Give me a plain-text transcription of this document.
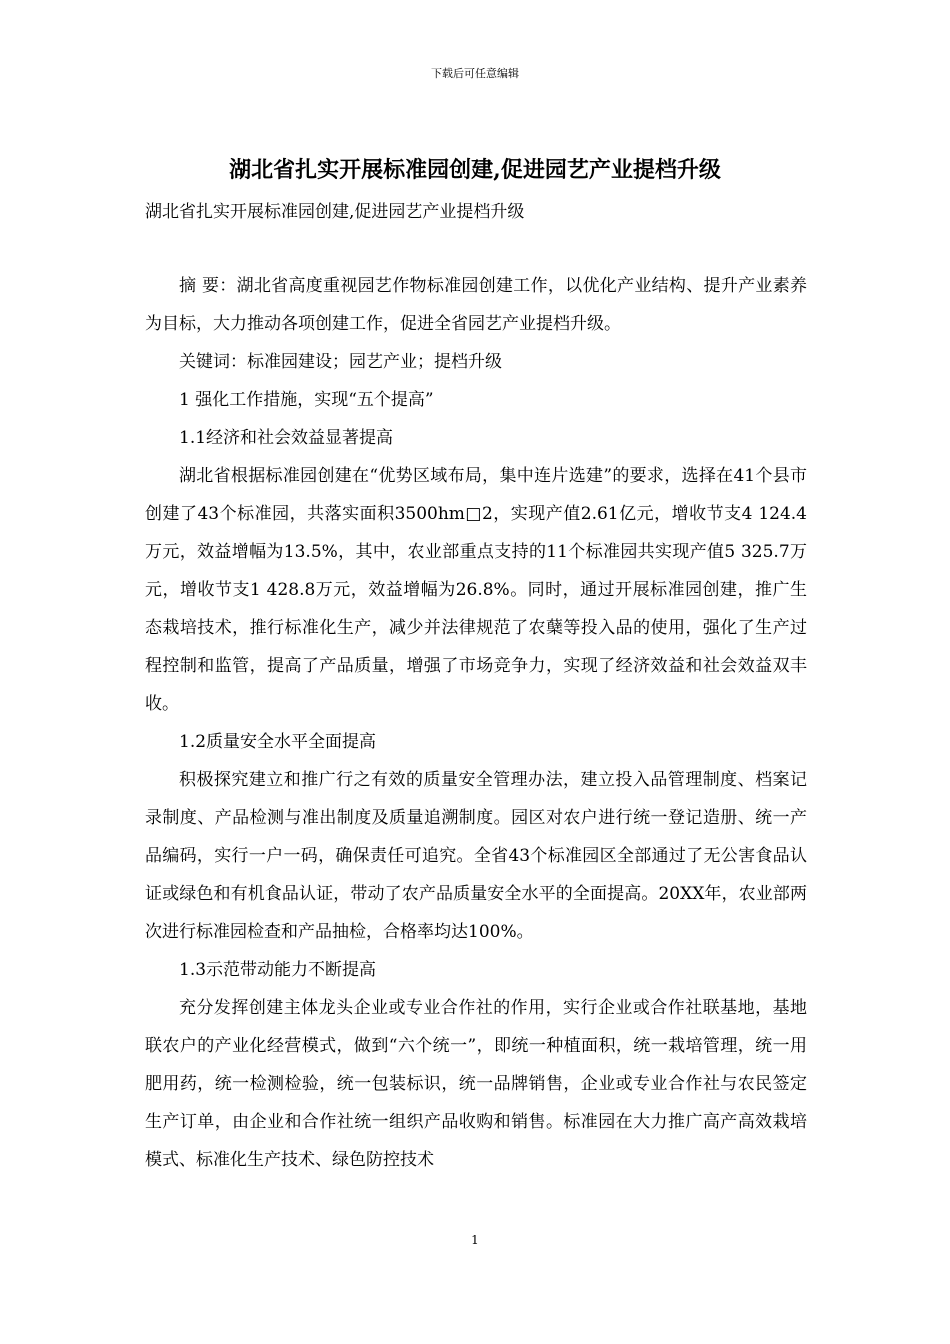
下载后可任意编辑
湖北省扎实开展标准园创建,促进园艺产业提档升级

湖北省扎实开展标准园创建,促进园艺产业提档升级

摘 要：湖北省高度重视园艺作物标准园创建工作，以优化产业结构、提升产业素养为目标，大力推动各项创建工作，促进全省园艺产业提档升级。

关键词：标准园建设；园艺产业；提档升级

1 强化工作措施，实现“五个提高”

1.1经济和社会效益显著提高

湖北省根据标准园创建在“优势区域布局，集中连片选建”的要求，选择在41个县市创建了43个标准园，共落实面积3500hm□2，实现产值2.61亿元，增收节支4 124.4万元，效益增幅为13.5%，其中，农业部重点支持的11个标准园共实现产值5 325.7万元，增收节支1 428.8万元，效益增幅为26.8%。同时，通过开展标准园创建，推广生态栽培技术，推行标准化生产，减少并法律规范了农蘖等投入品的使用，强化了生产过程控制和监管，提高了产品质量，增强了市场竞争力，实现了经济效益和社会效益双丰收。

1.2质量安全水平全面提高

积极探究建立和推广行之有效的质量安全管理办法，建立投入品管理制度、档案记录制度、产品检测与准出制度及质量追溯制度。园区对农户进行统一登记造册、统一产品编码，实行一户一码，确保责任可追究。全省43个标准园区全部通过了无公害食品认证或绿色和有机食品认证，带动了农产品质量安全水平的全面提高。20XX年，农业部两次进行标准园检查和产品抽检，合格率均达100%。

1.3示范带动能力不断提高

充分发挥创建主体龙头企业或专业合作社的作用，实行企业或合作社联基地，基地联农户的产业化经营模式，做到“六个统一”，即统一种植面积，统一栽培管理，统一用肥用药，统一检测检验，统一包装标识，统一品牌销售，企业或专业合作社与农民签定生产订单，由企业和合作社统一组织产品收购和销售。标准园在大力推广高产高效栽培模式、标准化生产技术、绿色防控技术

1
